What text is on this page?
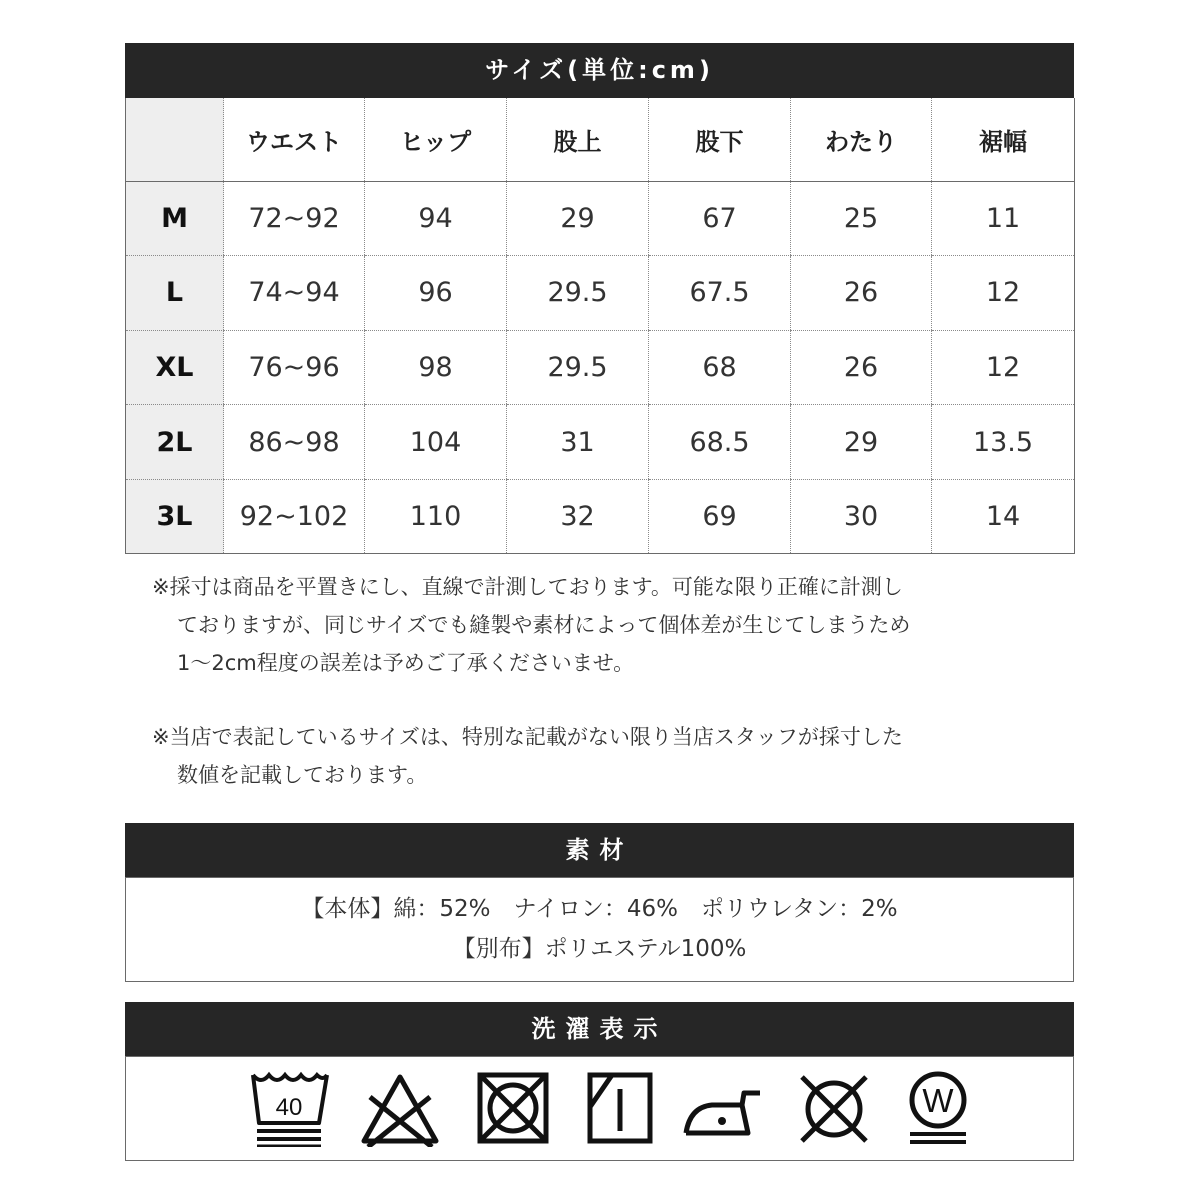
サイズ(単位:cm)
	ウエスト	ヒップ	股上	股下	わたり	裾幅
M	72~92	94	29	67	25	11
L	74~94	96	29.5	67.5	26	12
XL	76~96	98	29.5	68	26	12
2L	86~98	104	31	68.5	29	13.5
3L	92~102	110	32	69	30	14
※採寸は商品を平置きにし、直線で計測しております。可能な限り正確に計測し
ておりますが、同じサイズでも縫製や素材によって個体差が生じてしまうため
1～2cm程度の誤差は予めご了承くださいませ。
※当店で表記しているサイズは、特別な記載がない限り当店スタッフが採寸した
数値を記載しております。
素材
【本体】綿：52%　ナイロン：46%　ポリウレタン：2%
【別布】ポリエステル100%
洗濯表示
40	W
